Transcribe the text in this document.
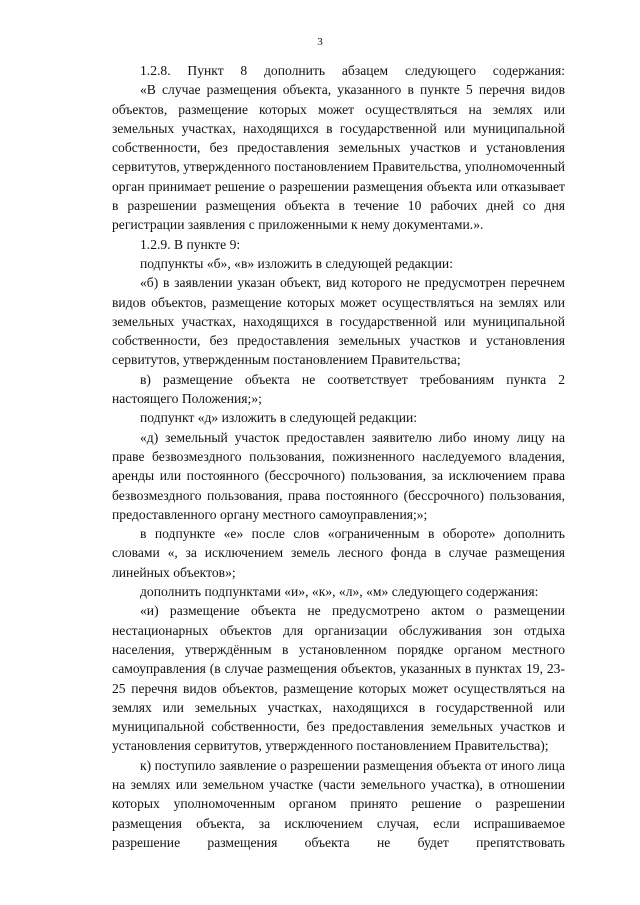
3

1.2.8. Пункт 8 дополнить абзацем следующего содержания:

«В случае размещения объекта, указанного в пункте 5 перечня видов объектов, размещение которых может осуществляться на землях или земельных участках, находящихся в государственной или муниципальной собственности, без предоставления земельных участков и установления сервитутов, утвержденного постановлением Правительства, уполномоченный орган принимает решение о разрешении размещения объекта или отказывает в разрешении размещения объекта в течение 10 рабочих дней со дня регистрации заявления с приложенными к нему документами.».

1.2.9. В пункте 9:

подпункты «б», «в» изложить в следующей редакции:

«б) в заявлении указан объект, вид которого не предусмотрен перечнем видов объектов, размещение которых может осуществляться на землях или земельных участках, находящихся в государственной или муниципальной собственности, без предоставления земельных участков и установления сервитутов, утвержденным постановлением Правительства;

в) размещение объекта не соответствует требованиям пункта 2 настоящего Положения;»;

подпункт «д» изложить в следующей редакции:

«д) земельный участок предоставлен заявителю либо иному лицу на праве безвозмездного пользования, пожизненного наследуемого владения, аренды или постоянного (бессрочного) пользования, за исключением права безвозмездного пользования, права постоянного (бессрочного) пользования, предоставленного органу местного самоуправления;»;

в подпункте «е» после слов «ограниченным в обороте» дополнить словами «, за исключением земель лесного фонда в случае размещения линейных объектов»;

дополнить подпунктами «и», «к», «л», «м» следующего содержания:

«и) размещение объекта не предусмотрено актом о размещении нестационарных объектов для организации обслуживания зон отдыха населения, утверждённым в установленном порядке органом местного самоуправления (в случае размещения объектов, указанных в пунктах 19, 23-25 перечня видов объектов, размещение которых может осуществляться на землях или земельных участках, находящихся в государственной или муниципальной собственности, без предоставления земельных участков и установления сервитутов, утвержденного постановлением Правительства);

к) поступило заявление о разрешении размещения объекта от иного лица на землях или земельном участке (части земельного участка), в отношении которых уполномоченным органом принято решение о разрешении размещения объекта, за исключением случая, если испрашиваемое разрешение размещения объекта не будет препятствовать
